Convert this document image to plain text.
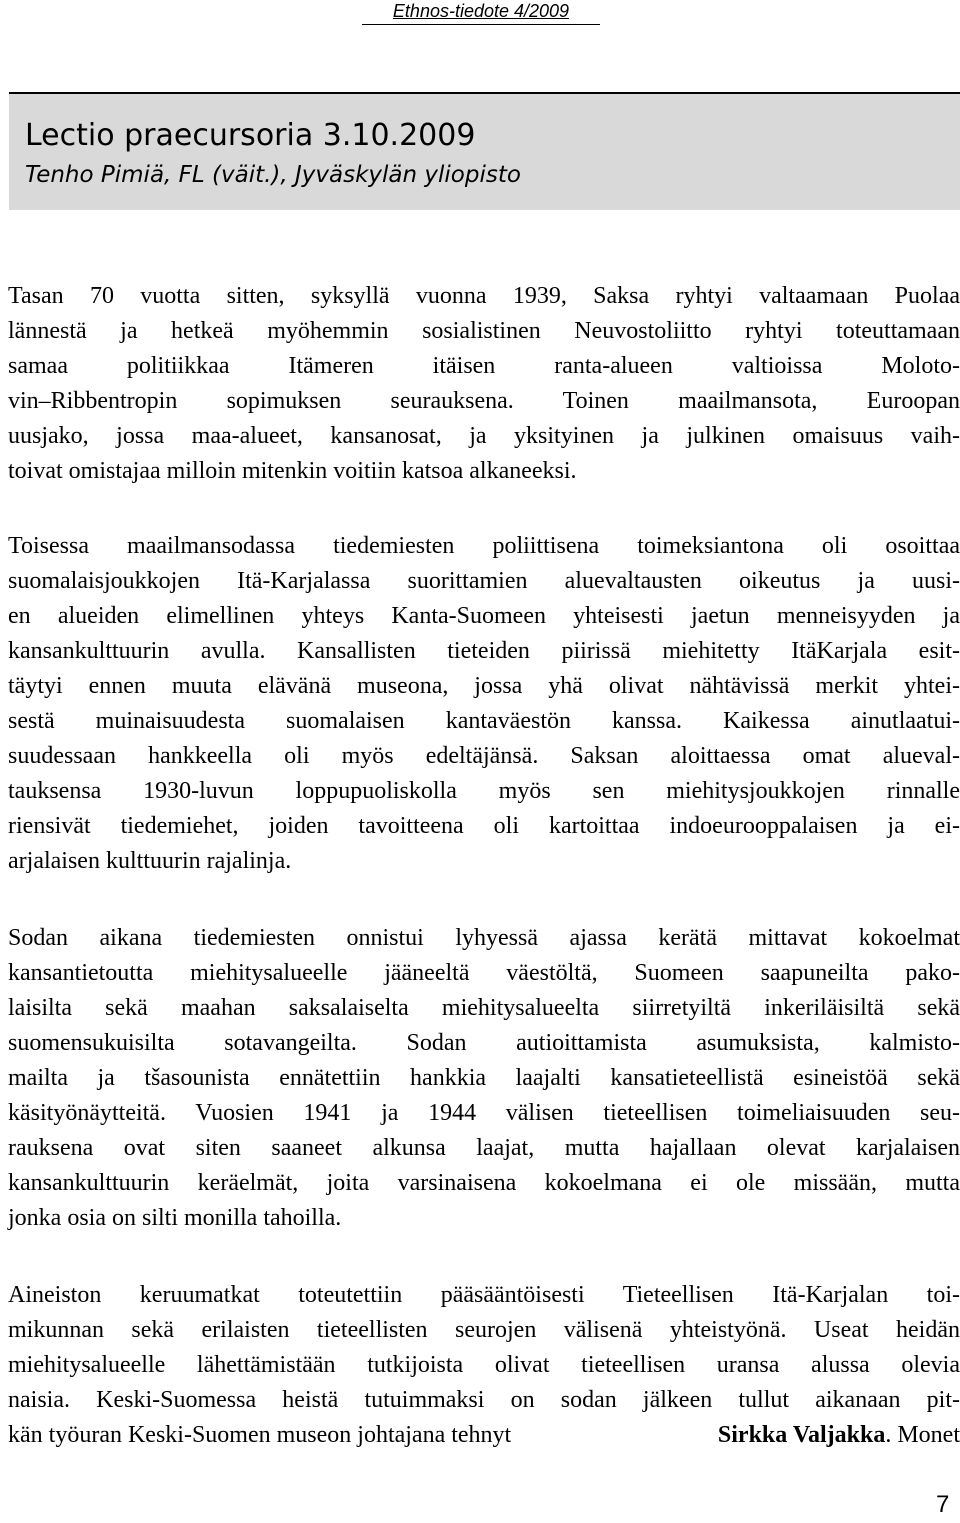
Ethnos-tiedote 4/2009
Lectio praecursoria 3.10.2009
Tenho Pimiä, FL (väit.), Jyväskylän yliopisto
Tasan 70 vuotta sitten, syksyllä vuonna 1939, Saksa ryhtyi valtaamaan Puolaa
lännestä ja hetkeä myöhemmin sosialistinen Neuvostoliitto ryhtyi toteuttamaan
samaa politiikkaa Itämeren itäisen ranta-alueen valtioissa Moloto-
vin–Ribbentropin sopimuksen seurauksena. Toinen maailmansota, Euroopan
uusjako, jossa maa-alueet, kansanosat, ja yksityinen ja julkinen omaisuus vaih-
toivat omistajaa milloin mitenkin voitiin katsoa alkaneeksi.
Toisessa maailmansodassa tiedemiesten poliittisena toimeksiantona oli osoittaa
suomalaisjoukkojen Itä-Karjalassa suorittamien aluevaltausten oikeutus ja uusi-
en alueiden elimellinen yhteys Kanta-Suomeen yhteisesti jaetun menneisyyden ja
kansankulttuurin avulla. Kansallisten tieteiden piirissä miehitetty ItäKarjala esit-
täytyi ennen muuta elävänä museona, jossa yhä olivat nähtävissä merkit yhtei-
sestä muinaisuudesta suomalaisen kantaväestön kanssa. Kaikessa ainutlaatui-
suudessaan hankkeella oli myös edeltäjänsä. Saksan aloittaessa omat alueval-
tauksensa 1930-luvun loppupuoliskolla myös sen miehitysjoukkojen rinnalle
riensivät tiedemiehet, joiden tavoitteena oli kartoittaa indoeurooppalaisen ja ei-
arjalaisen kulttuurin rajalinja.
Sodan aikana tiedemiesten onnistui lyhyessä ajassa kerätä mittavat kokoelmat
kansantietoutta miehitysalueelle jääneeltä väestöltä, Suomeen saapuneilta pako-
laisilta sekä maahan saksalaiselta miehitysalueelta siirretyiltä inkeriläisiltä sekä
suomensukuisilta sotavangeilta. Sodan autioittamista asumuksista, kalmisto-
mailta ja tšasounista ennätettiin hankkia laajalti kansatieteellistä esineistöä sekä
käsityönäytteitä. Vuosien 1941 ja 1944 välisen tieteellisen toimeliaisuuden seu-
rauksena ovat siten saaneet alkunsa laajat, mutta hajallaan olevat karjalaisen
kansankulttuurin keräelmät, joita varsinaisena kokoelmana ei ole missään, mutta
jonka osia on silti monilla tahoilla.
Aineiston keruumatkat toteutettiin pääsääntöisesti Tieteellisen Itä-Karjalan toi-
mikunnan sekä erilaisten tieteellisten seurojen välisenä yhteistyönä. Useat heidän
miehitysalueelle lähettämistään tutkijoista olivat tieteellisen uransa alussa olevia
naisia. Keski-Suomessa heistä tutuimmaksi on sodan jälkeen tullut aikanaan pit-
kän työuran Keski-Suomen museon johtajana tehnyt	Sirkka Valjakka. Monet
7
